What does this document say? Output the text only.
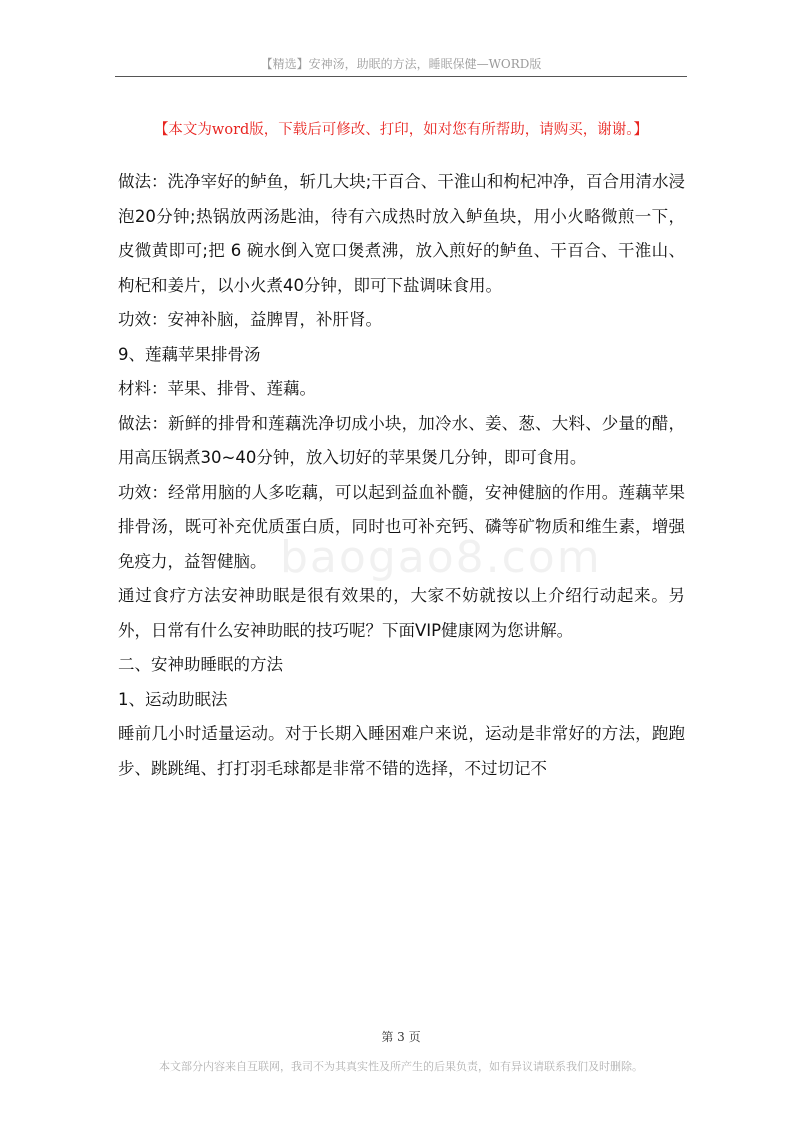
【精选】安神汤，助眠的方法，睡眠保健—WORD版
【本文为word版，下载后可修改、打印，如对您有所帮助，请购买，谢谢。】
baogao8.com

做法：洗净宰好的鲈鱼，斩几大块;干百合、干淮山和枸杞冲净，百合用清水浸泡20分钟;热锅放两汤匙油，待有六成热时放入鲈鱼块，用小火略微煎一下，皮微黄即可;把 6 碗水倒入宽口煲煮沸，放入煎好的鲈鱼、干百合、干淮山、枸杞和姜片，以小火煮40分钟，即可下盐调味食用。

功效：安神补脑，益脾胃，补肝肾。

9、莲藕苹果排骨汤

材料：苹果、排骨、莲藕。

做法：新鲜的排骨和莲藕洗净切成小块，加冷水、姜、葱、大料、少量的醋，用高压锅煮30~40分钟，放入切好的苹果煲几分钟，即可食用。

功效：经常用脑的人多吃藕，可以起到益血补髓，安神健脑的作用。莲藕苹果排骨汤，既可补充优质蛋白质，同时也可补充钙、磷等矿物质和维生素，增强免疫力，益智健脑。

通过食疗方法安神助眠是很有效果的，大家不妨就按以上介绍行动起来。另外，日常有什么安神助眠的技巧呢？下面VIP健康网为您讲解。

二、安神助睡眠的方法

1、运动助眠法

睡前几小时适量运动。对于长期入睡困难户来说，运动是非常好的方法，跑跑步、跳跳绳、打打羽毛球都是非常不错的选择，不过切记不

第 3 页
本文部分内容来自互联网，我司不为其真实性及所产生的后果负责，如有异议请联系我们及时删除。
